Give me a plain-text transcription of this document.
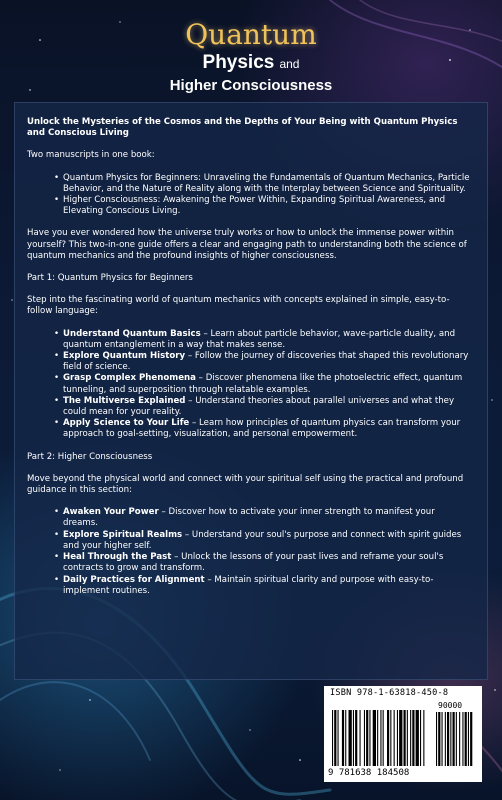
Quantum
Physics and
Higher Consciousness

Unlock the Mysteries of the Cosmos and the Depths of Your Being with Quantum Physics and Conscious Living

Two manuscripts in one book:

• Quantum Physics for Beginners: Unraveling the Fundamentals of Quantum Mechanics, Particle Behavior, and the Nature of Reality along with the Interplay between Science and Spirituality.
• Higher Consciousness: Awakening the Power Within, Expanding Spiritual Awareness, and Elevating Conscious Living.

Have you ever wondered how the universe truly works or how to unlock the immense power within yourself? This two-in-one guide offers a clear and engaging path to understanding both the science of quantum mechanics and the profound insights of higher consciousness.

Part 1: Quantum Physics for Beginners

Step into the fascinating world of quantum mechanics with concepts explained in simple, easy-to-follow language:

• Understand Quantum Basics – Learn about particle behavior, wave-particle duality, and quantum entanglement in a way that makes sense.
• Explore Quantum History – Follow the journey of discoveries that shaped this revolutionary field of science.
• Grasp Complex Phenomena – Discover phenomena like the photoelectric effect, quantum tunneling, and superposition through relatable examples.
• The Multiverse Explained – Understand theories about parallel universes and what they could mean for your reality.
• Apply Science to Your Life – Learn how principles of quantum physics can transform your approach to goal-setting, visualization, and personal empowerment.

Part 2: Higher Consciousness

Move beyond the physical world and connect with your spiritual self using the practical and profound guidance in this section:

• Awaken Your Power – Discover how to activate your inner strength to manifest your dreams.
• Explore Spiritual Realms – Understand your soul's purpose and connect with spirit guides and your higher self.
• Heal Through the Past – Unlock the lessons of your past lives and reframe your soul's contracts to grow and transform.
• Daily Practices for Alignment – Maintain spiritual clarity and purpose with easy-to-implement routines.
ISBN 978-1-63818-450-8
90000
9 781638 184508
